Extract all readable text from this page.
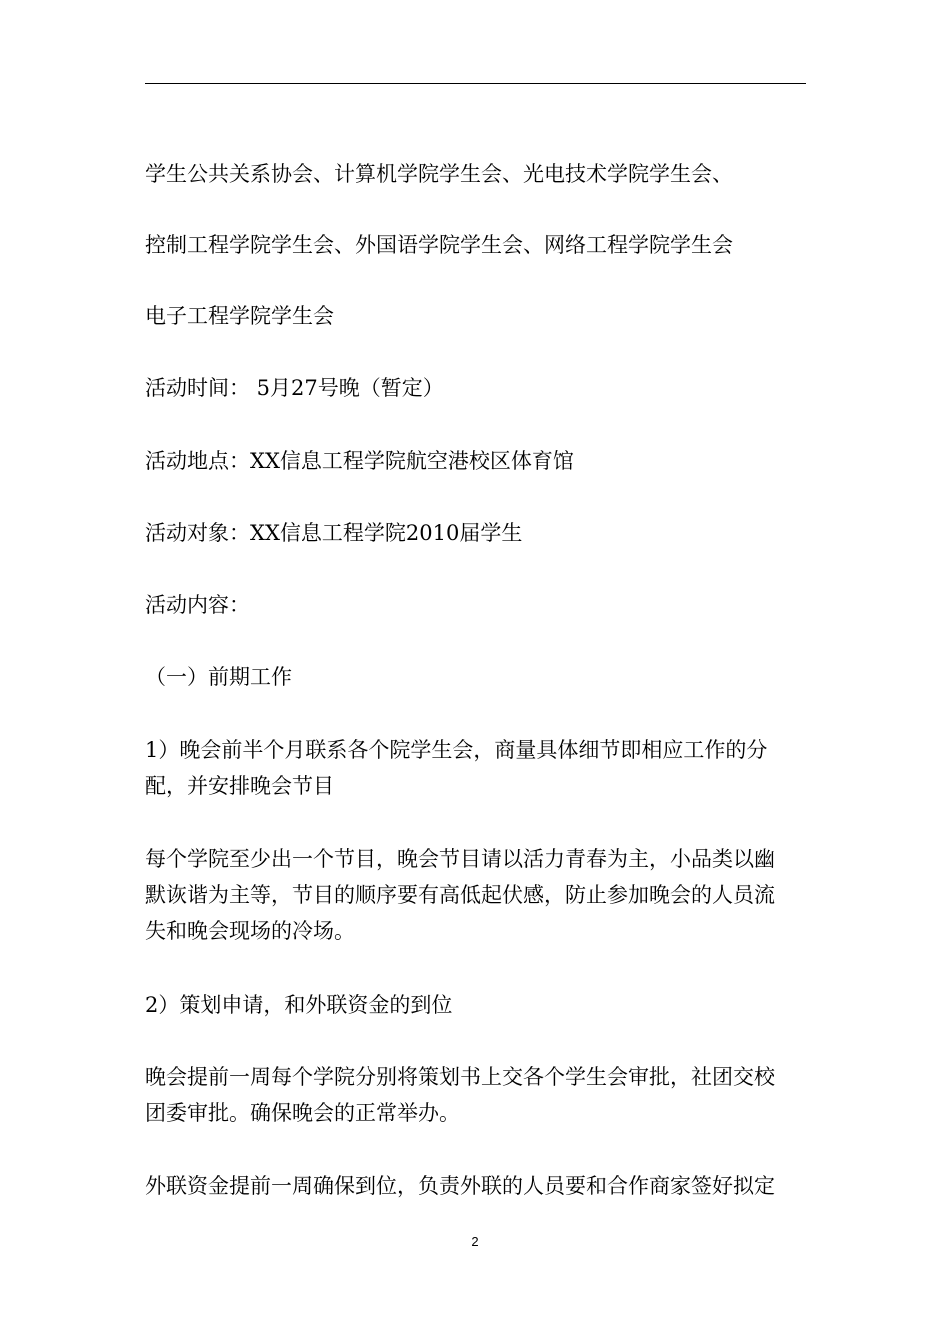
学生公共关系协会、计算机学院学生会、光电技术学院学生会、
控制工程学院学生会、外国语学院学生会、网络工程学院学生会
电子工程学院学生会
活动时间： 5月27号晚（暂定）
活动地点：XX信息工程学院航空港校区体育馆
活动对象：XX信息工程学院2010届学生
活动内容：
（一）前期工作
1）晚会前半个月联系各个院学生会，商量具体细节即相应工作的分
配，并安排晚会节目
每个学院至少出一个节目，晚会节目请以活力青春为主，小品类以幽
默诙谐为主等，节目的顺序要有高低起伏感，防止参加晚会的人员流
失和晚会现场的冷场。
2）策划申请，和外联资金的到位
晚会提前一周每个学院分别将策划书上交各个学生会审批，社团交校
团委审批。确保晚会的正常举办。
外联资金提前一周确保到位，负责外联的人员要和合作商家签好拟定
2
